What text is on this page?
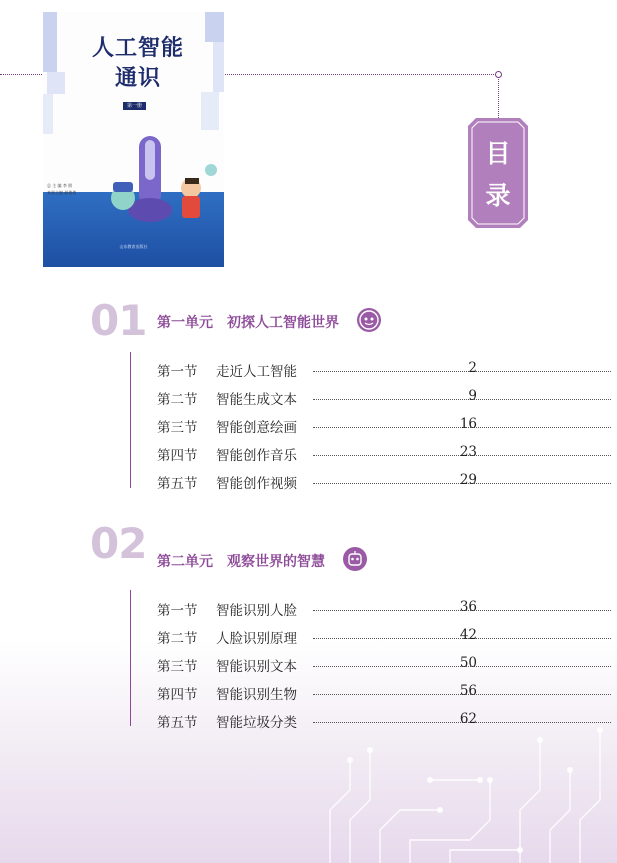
人工智能
通识
第一册
总 主 编 李 朋
本册主编 郝倩倩
山东教育出版社
目
录
01 第一单元 初探人工智能世界
第一节 走近人工智能	2
第二节 智能生成文本	9
第三节 智能创意绘画	16
第四节 智能创作音乐	23
第五节 智能创作视频	29
02 第二单元 观察世界的智慧
第一节 智能识别人脸	36
第二节 人脸识别原理	42
第三节 智能识别文本	50
第四节 智能识别生物	56
第五节 智能垃圾分类	62
